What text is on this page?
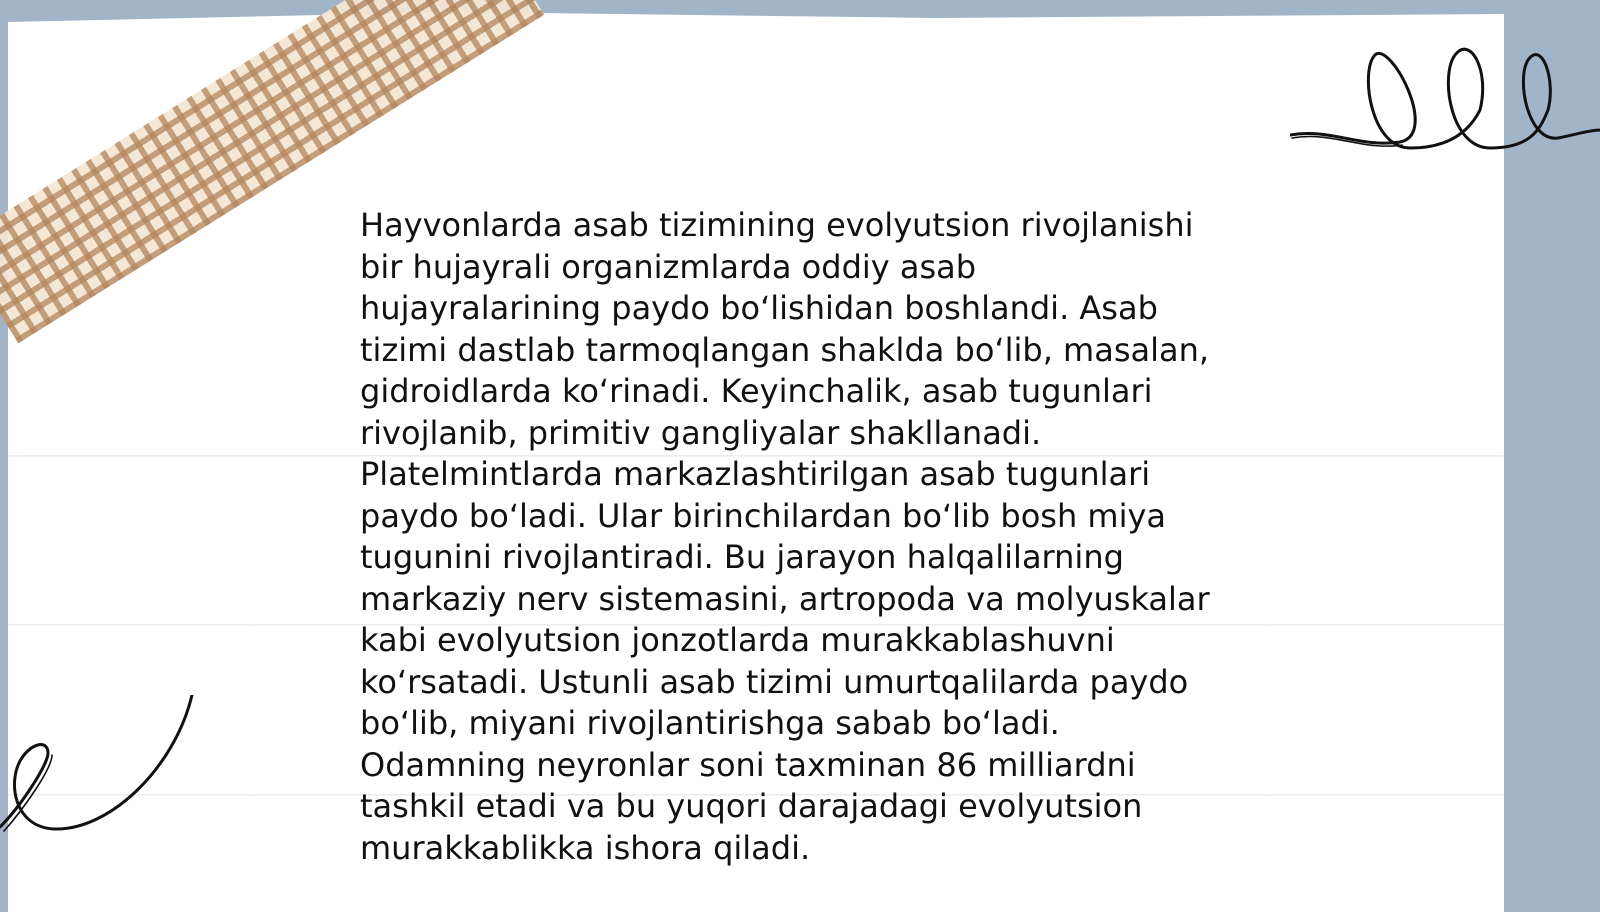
Hayvonlarda asab tizimining evolyutsion rivojlanishi
bir hujayrali organizmlarda oddiy asab
hujayralarining paydo bo‘lishidan boshlandi. Asab
tizimi dastlab tarmoqlangan shaklda bo‘lib, masalan,
gidroidlarda ko‘rinadi. Keyinchalik, asab tugunlari
rivojlanib, primitiv gangliyalar shakllanadi.
Platelmintlarda markazlashtirilgan asab tugunlari
paydo bo‘ladi. Ular birinchilardan bo‘lib bosh miya
tugunini rivojlantiradi. Bu jarayon halqalilarning
markaziy nerv sistemasini, artropoda va molyuskalar
kabi evolyutsion jonzotlarda murakkablashuvni
ko‘rsatadi. Ustunli asab tizimi umurtqalilarda paydo
bo‘lib, miyani rivojlantirishga sabab bo‘ladi.
Odamning neyronlar soni taxminan 86 milliardni
tashkil etadi va bu yuqori darajadagi evolyutsion
murakkablikka ishora qiladi.
